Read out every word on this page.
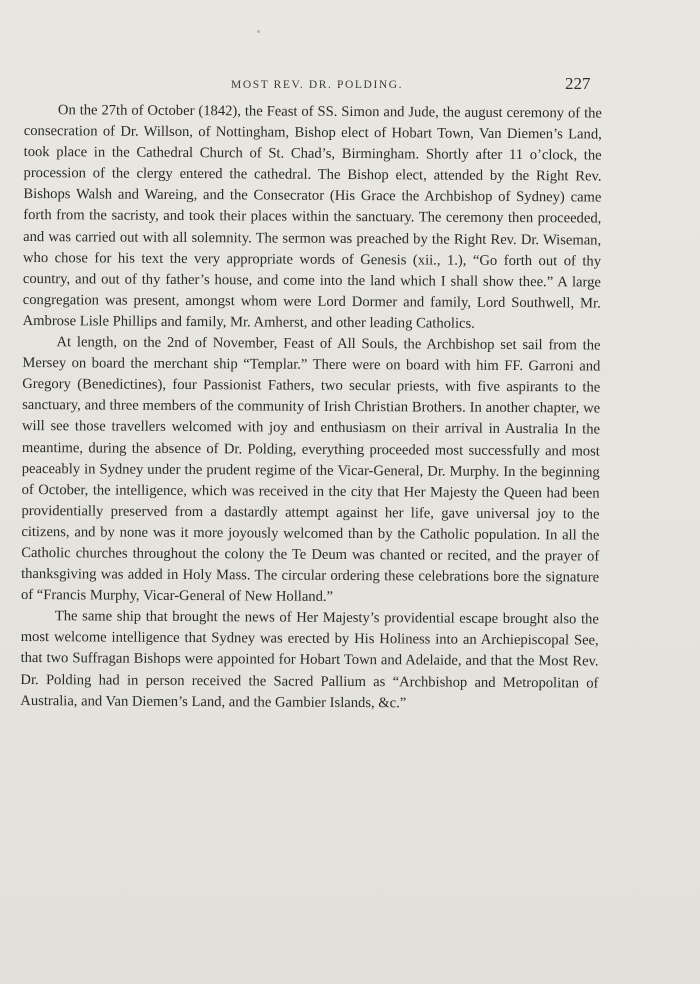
MOST REV. DR. POLDING.	227

On the 27th of October (1842), the Feast of SS. Simon and Jude, the august ceremony of the consecration of Dr. Willson, of Nottingham, Bishop elect of Hobart Town, Van Diemen’s Land, took place in the Cathedral Church of St. Chad’s, Birmingham. Shortly after 11 o’clock, the procession of the clergy entered the cathedral. The Bishop elect, attended by the Right Rev. Bishops Walsh and Wareing, and the Consecrator (His Grace the Archbishop of Sydney) came forth from the sacristy, and took their places within the sanctuary. The ceremony then proceeded, and was carried out with all solemnity. The sermon was preached by the Right Rev. Dr. Wiseman, who chose for his text the very appropriate words of Genesis (xii., 1.), “Go forth out of thy country, and out of thy father’s house, and come into the land which I shall show thee.” A large congregation was present, amongst whom were Lord Dormer and family, Lord Southwell, Mr. Ambrose Lisle Phillips and family, Mr. Amherst, and other leading Catholics.

At length, on the 2nd of November, Feast of All Souls, the Archbishop set sail from the Mersey on board the merchant ship “Templar.” There were on board with him FF. Garroni and Gregory (Benedictines), four Passionist Fathers, two secular priests, with five aspirants to the sanctuary, and three members of the community of Irish Christian Brothers. In another chapter, we will see those travellers welcomed with joy and enthusiasm on their arrival in Australia In the meantime, during the absence of Dr. Polding, everything proceeded most successfully and most peaceably in Sydney under the prudent regime of the Vicar-General, Dr. Murphy. In the beginning of October, the intelligence, which was received in the city that Her Majesty the Queen had been providentially preserved from a dastardly attempt against her life, gave universal joy to the citizens, and by none was it more joyously welcomed than by the Catholic population. In all the Catholic churches throughout the colony the Te Deum was chanted or recited, and the prayer of thanksgiving was added in Holy Mass. The circular ordering these celebrations bore the signature of “Francis Murphy, Vicar-General of New Holland.”

The same ship that brought the news of Her Majesty’s providential escape brought also the most welcome intelligence that Sydney was erected by His Holiness into an Archiepiscopal See, that two Suffragan Bishops were appointed for Hobart Town and Adelaide, and that the Most Rev. Dr. Polding had in person received the Sacred Pallium as “Archbishop and Metropolitan of Australia, and Van Diemen’s Land, and the Gambier Islands, &c.”
